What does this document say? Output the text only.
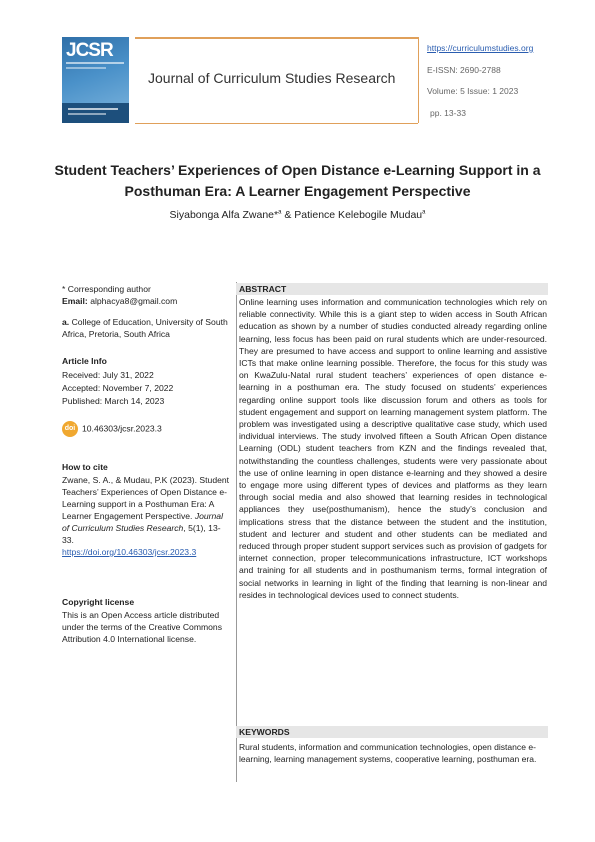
JCSR
Journal of Curriculum Studies Research
https://curriculumstudies.org
E-ISSN: 2690-2788
Volume: 5 Issue: 1 2023
pp. 13-33
Student Teachers’ Experiences of Open Distance e-Learning Support in a
Posthuman Era: A Learner Engagement Perspective
Siyabonga Alfa Zwane*$^a$ & Patience Kelebogile Mudau$^a$
* Corresponding author
Email: alphacya8@gmail.com
a. College of Education, University of South Africa, Pretoria, South Africa
Article Info
Received: July 31, 2022
Accepted: November 7, 2022
Published: March 14, 2023
doi 10.46303/jcsr.2023.3
How to cite
Zwane, S. A., & Mudau, P.K (2023). Student Teachers’ Experiences of Open Distance e-Learning support in a Posthuman Era: A Learner Engagement Perspective. Journal of Curriculum Studies Research, 5(1), 13-33.
https://doi.org/10.46303/jcsr.2023.3
Copyright license
This is an Open Access article distributed under the terms of the Creative Commons Attribution 4.0 International license.
ABSTRACT
Online learning uses information and communication technologies which rely on reliable connectivity. While this is a giant step to widen access in South African education as shown by a number of studies conducted already regarding online learning, less focus has been paid on rural students which are under-resourced. They are presumed to have access and support to online learning and assistive ICTs that make online learning possible. Therefore, the focus for this study was on KwaZulu-Natal rural student teachers’ experiences of open distance e-learning in a posthuman era. The study focused on students’ experiences regarding online support tools like discussion forum and others as tools for student engagement and support on learning management system platform. The problem was investigated using a descriptive qualitative case study, which used individual interviews. The study involved fifteen a South African Open distance Learning (ODL) student teachers from KZN and the findings revealed that, notwithstanding the countless challenges, students were very passionate about the use of online learning in open distance e-learning and they showed a desire to engage more using different types of devices and platforms as they learn through social media and also showed that learning resides in technological appliances they use(posthumanism), hence the study’s conclusion and implications stress that the distance between the student and the institution, student and lecturer and student and other students can be mediated and reduced through proper student support services such as provision of gadgets for internet connection, proper telecommunications infrastructure, ICT workshops and training for all students and in posthumanism terms, formal integration of social networks in learning in light of the finding that learning is non-linear and resides in technological devices used to connect students.
KEYWORDS
Rural students, information and communication technologies, open distance e-learning, learning management systems, cooperative learning, posthuman era.
